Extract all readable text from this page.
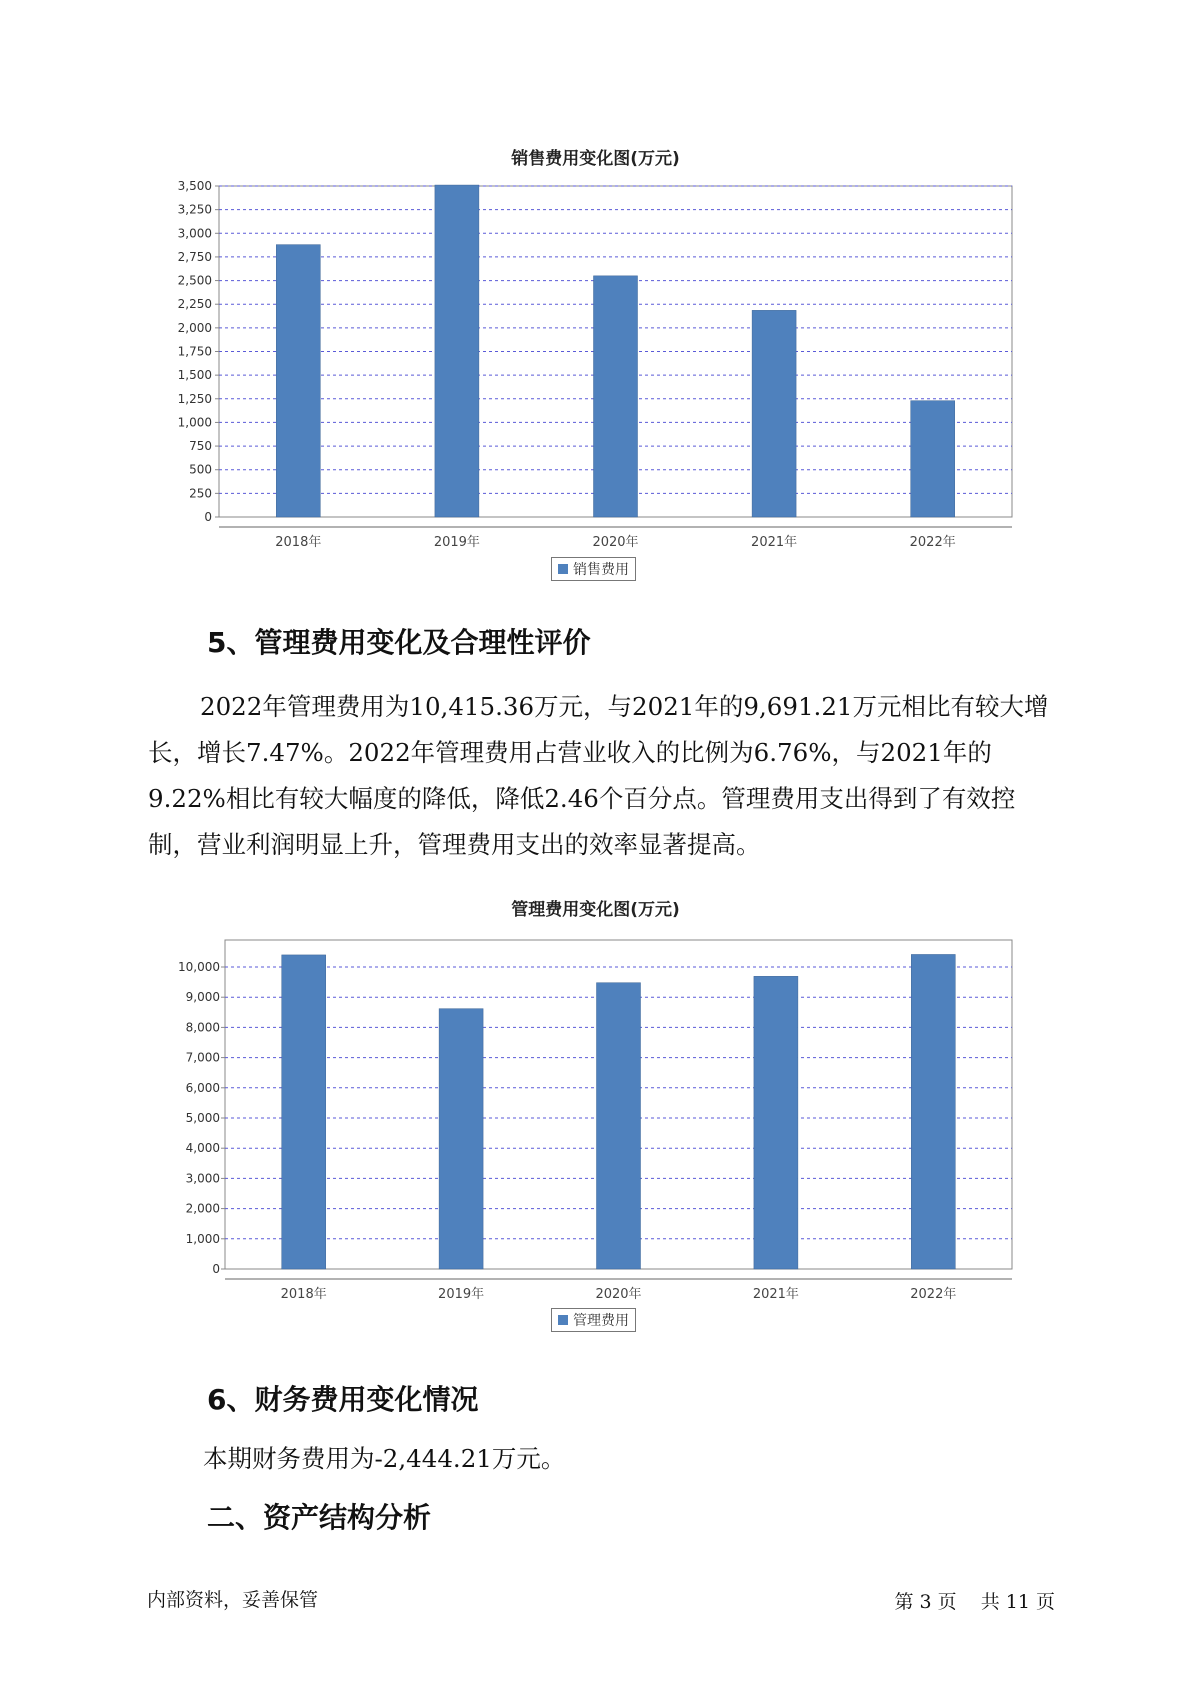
销售费用变化图(万元)
0
250
500
750
1,000
1,250
1,500
1,750
2,000
2,250
2,500
2,750
3,000
3,250
3,500
2018年	2019年	2020年	2021年	2022年
销售费用
5、管理费用变化及合理性评价
2022年管理费用为10,415.36万元，与2021年的9,691.21万元相比有较大增长，增长7.47%。2022年管理费用占营业收入的比例为6.76%，与2021年的9.22%相比有较大幅度的降低，降低2.46个百分点。管理费用支出得到了有效控制，营业利润明显上升，管理费用支出的效率显著提高。
管理费用变化图(万元)
0
1,000
2,000
3,000
4,000
5,000
6,000
7,000
8,000
9,000
10,000
2018年	2019年	2020年	2021年	2022年
管理费用
6、财务费用变化情况
本期财务费用为-2,444.21万元。
二、资产结构分析
内部资料，妥善保管	第 3 页 共 11 页
